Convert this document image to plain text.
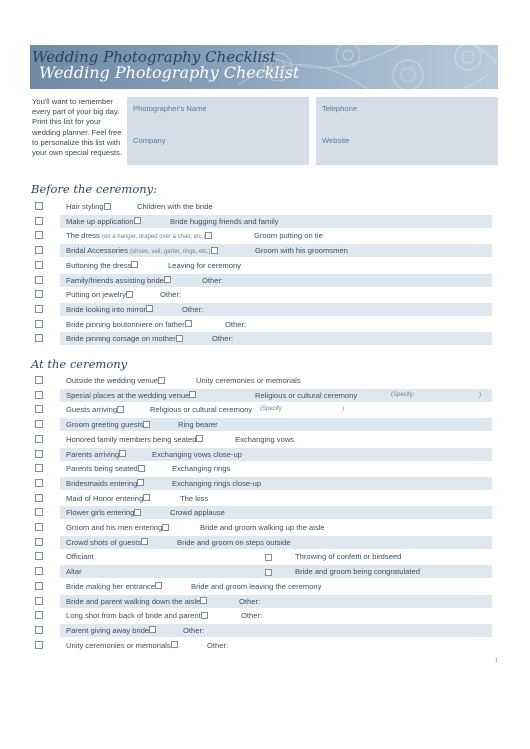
Wedding Photography Checklist
Wedding Photography Checklist
You'll want to remember every part of your big day. Print this list for your wedding planner. Feel free to personalize this list with your own special requests.
Photographer's Name	Telephone
Company	Website
Before the ceremony:
Hair styling	Children with the bride
Make up application	Bride hugging friends and family
The dress (on a hanger, draped over a chair, etc.)	Groom putting on tie
Bridal Accessories (shoes, veil, garter, rings, etc.)	Groom with his groomsmen
Buttoning the dress	Leaving for ceremony
Family/friends assisting bride	Other:
Putting on jewelry	Other:
Bride looking into mirror	Other:
Bride pinning boutonniere on father	Other:
Bride pinning corsage on mother	Other:
At the ceremony
Outside the wedding venue	Unity ceremonies or memorials
Special places at the wedding venue	Religious or cultural ceremony	(Specify:	)
Guests arriving	Religious or cultural ceremony (Specify:	)
Groom greeting guests	Ring bearer
Honored family members being seated	Exchanging vows
Parents arriving	Exchanging vows close-up
Parents being seated	Exchanging rings
Bridesmaids entering	Exchanging rings close-up
Maid of Honor entering	The kiss
Flower girls entering	Crowd applause
Groom and his men entering	Bride and groom walking up the aisle
Crowd shots of guests	Bride and groom on steps outside
Officiant	Throwing of confetti or birdseed
Altar	Bride and groom being congratulated
Bride making her entrance	Bride and groom leaving the ceremony
Bride and parent walking down the aisle	Other:
Long shot from back of bride and parent	Other:
Parent giving away bride	Other:
Unity ceremonies or memorials	Other:
1
